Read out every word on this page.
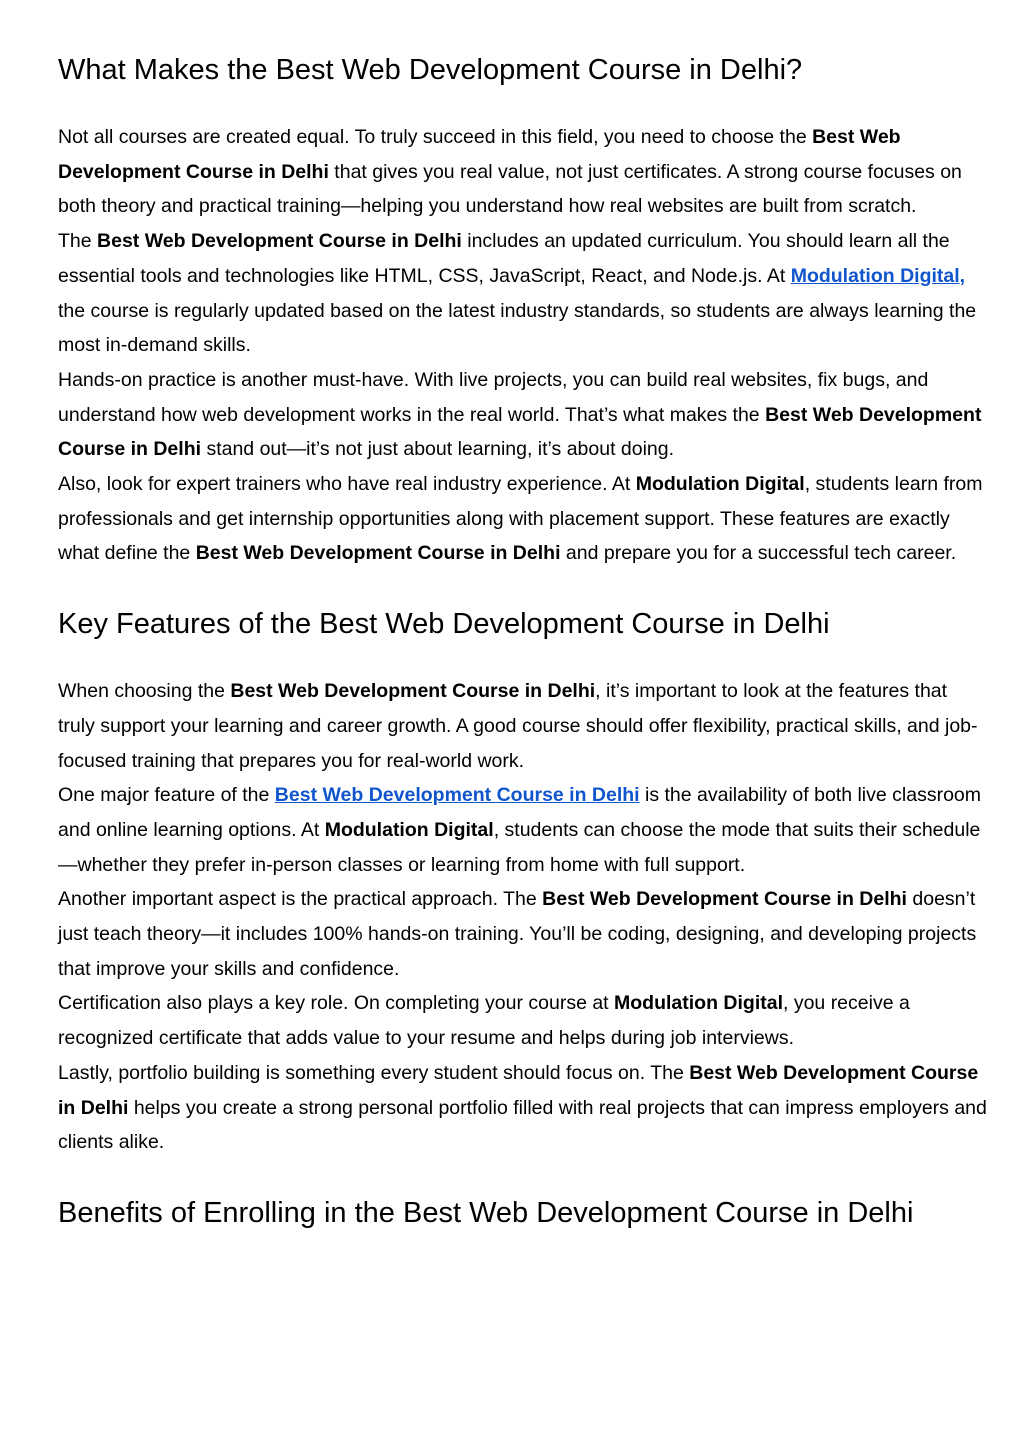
What Makes the Best Web Development Course in Delhi?

Not all courses are created equal. To truly succeed in this field, you need to choose the Best Web Development Course in Delhi that gives you real value, not just certificates. A strong course focuses on both theory and practical training—helping you understand how real websites are built from scratch.

The Best Web Development Course in Delhi includes an updated curriculum. You should learn all the essential tools and technologies like HTML, CSS, JavaScript, React, and Node.js. At Modulation Digital, the course is regularly updated based on the latest industry standards, so students are always learning the most in-demand skills.

Hands-on practice is another must-have. With live projects, you can build real websites, fix bugs, and understand how web development works in the real world. That’s what makes the Best Web Development Course in Delhi stand out—it’s not just about learning, it’s about doing.

Also, look for expert trainers who have real industry experience. At Modulation Digital, students learn from professionals and get internship opportunities along with placement support. These features are exactly what define the Best Web Development Course in Delhi and prepare you for a successful tech career.

Key Features of the Best Web Development Course in Delhi

When choosing the Best Web Development Course in Delhi, it’s important to look at the features that truly support your learning and career growth. A good course should offer flexibility, practical skills, and job-focused training that prepares you for real-world work.

One major feature of the Best Web Development Course in Delhi is the availability of both live classroom and online learning options. At Modulation Digital, students can choose the mode that suits their schedule—whether they prefer in-person classes or learning from home with full support.

Another important aspect is the practical approach. The Best Web Development Course in Delhi doesn’t just teach theory—it includes 100% hands-on training. You’ll be coding, designing, and developing projects that improve your skills and confidence.

Certification also plays a key role. On completing your course at Modulation Digital, you receive a recognized certificate that adds value to your resume and helps during job interviews.

Lastly, portfolio building is something every student should focus on. The Best Web Development Course in Delhi helps you create a strong personal portfolio filled with real projects that can impress employers and clients alike.

Benefits of Enrolling in the Best Web Development Course in Delhi
